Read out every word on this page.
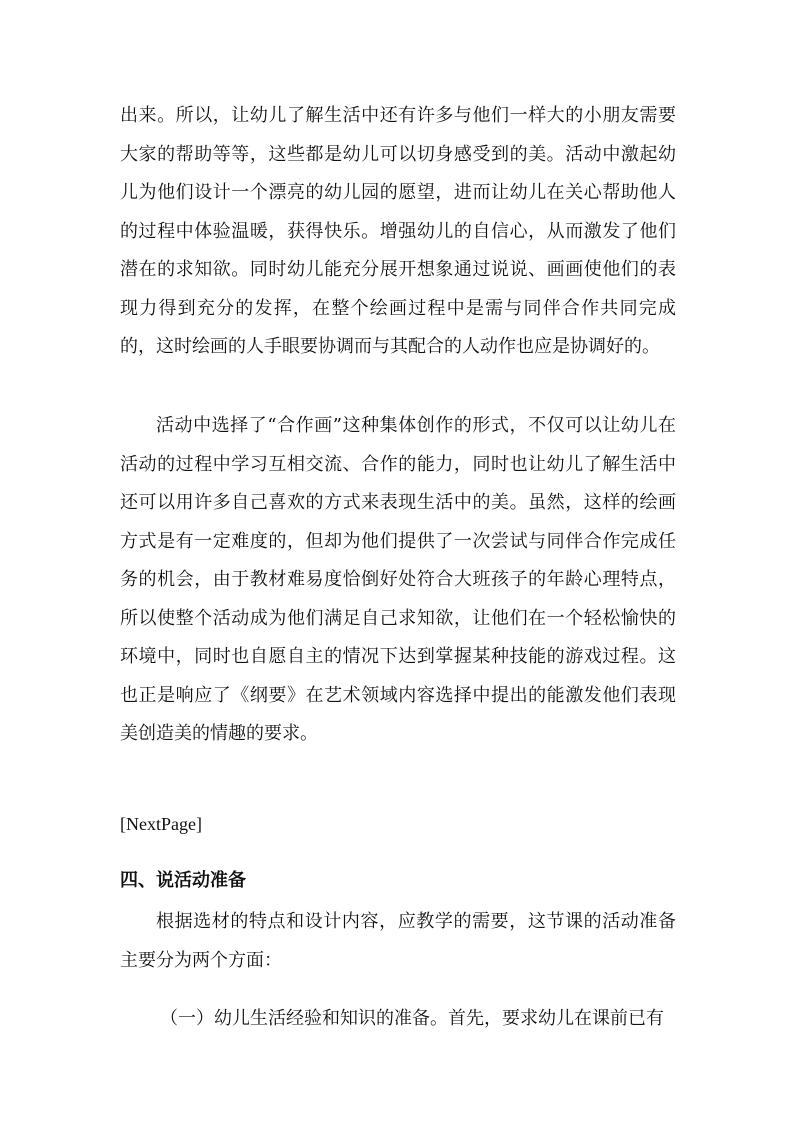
出来。所以，让幼儿了解生活中还有许多与他们一样大的小朋友需要大家的帮助等等，这些都是幼儿可以切身感受到的美。活动中激起幼儿为他们设计一个漂亮的幼儿园的愿望，进而让幼儿在关心帮助他人的过程中体验温暖，获得快乐。增强幼儿的自信心，从而激发了他们潜在的求知欲。同时幼儿能充分展开想象通过说说、画画使他们的表现力得到充分的发挥，在整个绘画过程中是需与同伴合作共同完成的，这时绘画的人手眼要协调而与其配合的人动作也应是协调好的。

活动中选择了“合作画”这种集体创作的形式，不仅可以让幼儿在活动的过程中学习互相交流、合作的能力，同时也让幼儿了解生活中还可以用许多自己喜欢的方式来表现生活中的美。虽然，这样的绘画方式是有一定难度的，但却为他们提供了一次尝试与同伴合作完成任务的机会，由于教材难易度恰倒好处符合大班孩子的年龄心理特点，所以使整个活动成为他们满足自己求知欲，让他们在一个轻松愉快的环境中，同时也自愿自主的情况下达到掌握某种技能的游戏过程。这也正是响应了《纲要》在艺术领域内容选择中提出的能激发他们表现美创造美的情趣的要求。

[NextPage]

四、说活动准备

根据选材的特点和设计内容，应教学的需要，这节课的活动准备主要分为两个方面：

（一）幼儿生活经验和知识的准备。首先，要求幼儿在课前已有
